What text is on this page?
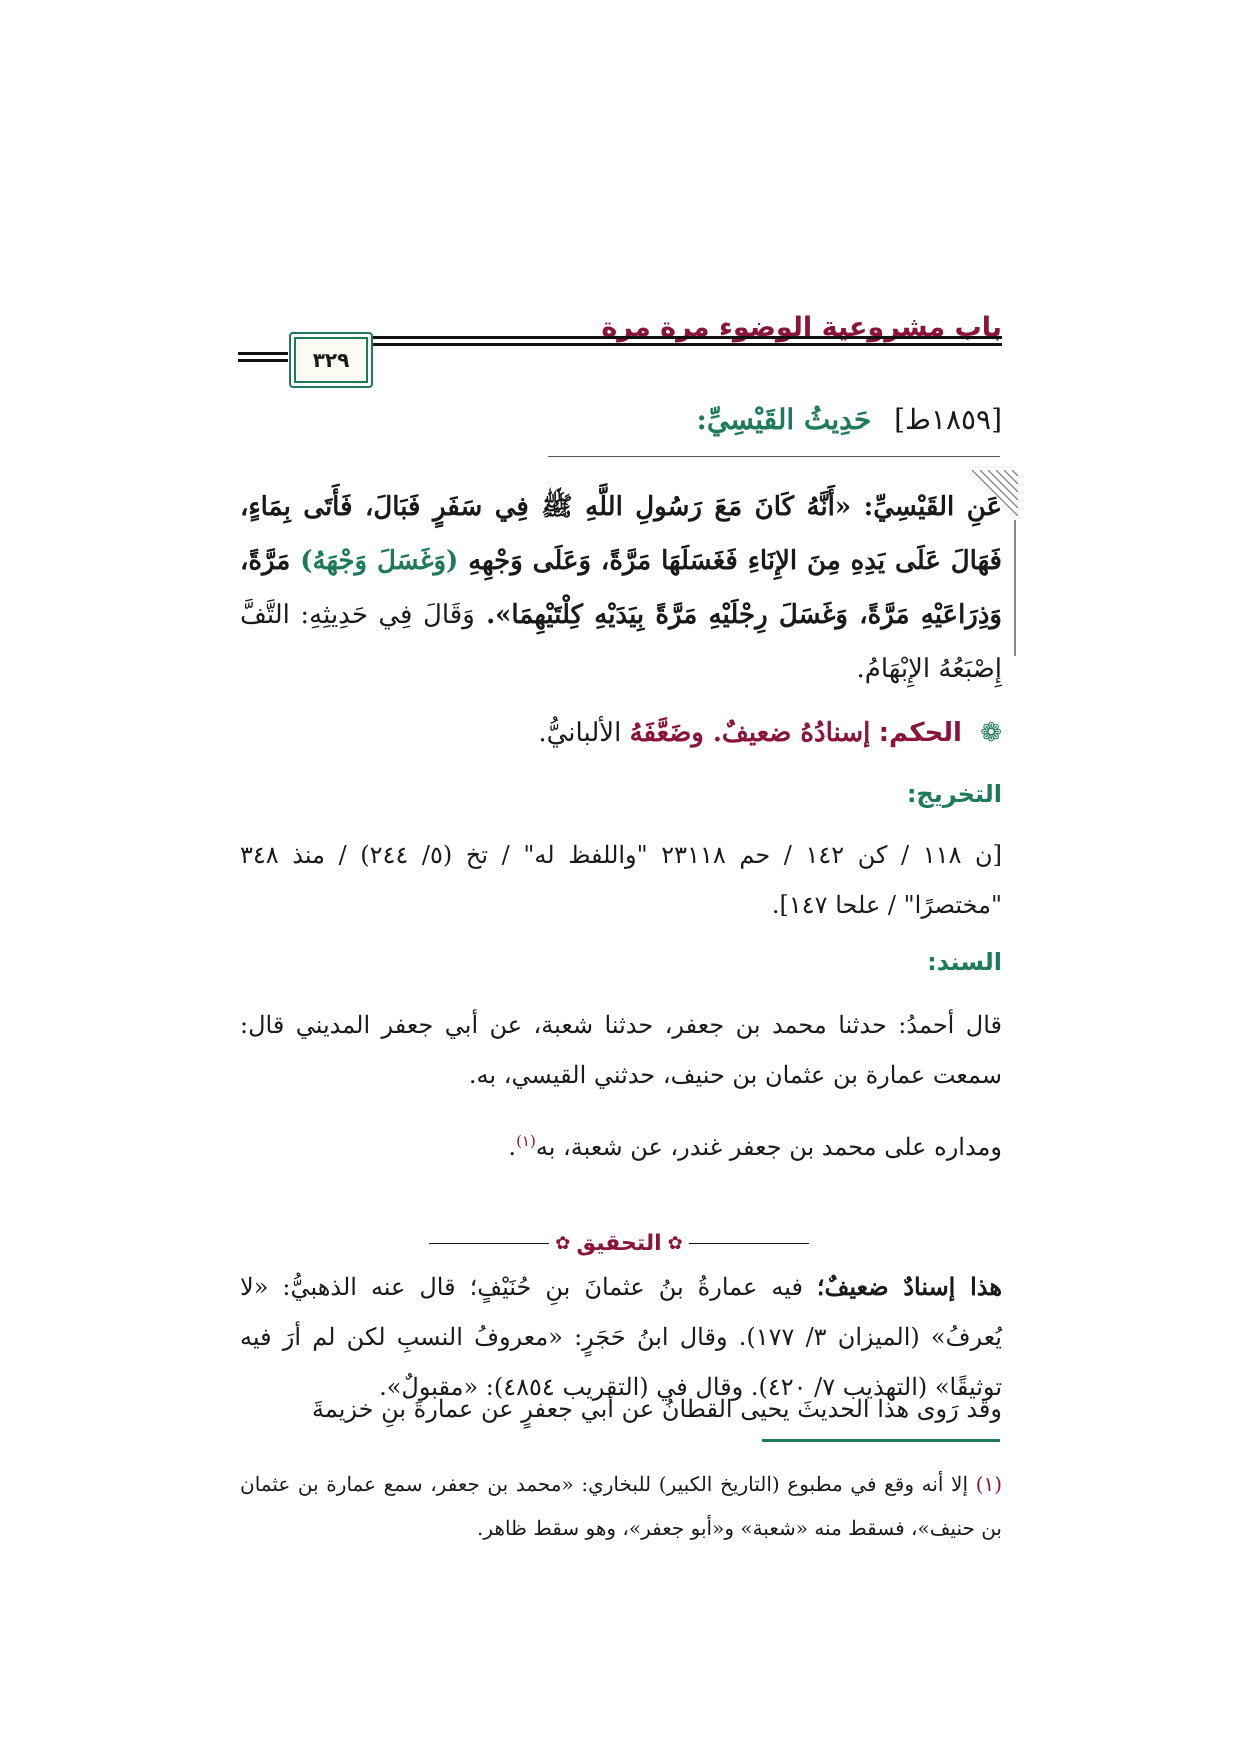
باب مشروعية الوضوء مرة مرة
٣٢٩
[١٨٥٩ط] حَدِيثُ القَيْسِيِّ:
عَنِ القَيْسِيِّ: «أَنَّهُ كَانَ مَعَ رَسُولِ اللَّهِ ﷺ فِي سَفَرٍ فَبَالَ، فَأَتَى بِمَاءٍ، فَهَالَ عَلَى يَدِهِ مِنَ الإِنَاءِ فَغَسَلَهَا مَرَّةً، وَعَلَى وَجْهِهِ (وَغَسَلَ وَجْهَهُ) مَرَّةً، وَذِرَاعَيْهِ مَرَّةً، وَغَسَلَ رِجْلَيْهِ مَرَّةً بِيَدَيْهِ كِلْتَيْهِمَا». وَقَالَ فِي حَدِيثِهِ: التَّفَّ إِصْبَعُهُ الإِبْهَامُ.
❁ الحكم: إسنادُهُ ضعيفٌ. وضَعَّفَهُ الألبانيُّ.
التخريج:
[ن ١١٨ / كن ١٤٢ / حم ٢٣١١٨ "واللفظ له" / تخ (٥/ ٢٤٤) / منذ ٣٤٨ "مختصرًا" / علحا ١٤٧].
السند:
قال أحمدُ: حدثنا محمد بن جعفر، حدثنا شعبة، عن أبي جعفر المديني قال: سمعت عمارة بن عثمان بن حنيف، حدثني القيسي، به.
ومداره على محمد بن جعفر غندر، عن شعبة، به$^{(١)}$.
✿
التحقيق
✿
هذا إسنادٌ ضعيفٌ؛ فيه عمارةُ بنُ عثمانَ بنِ حُنَيْفٍ؛ قال عنه الذهبيُّ: «لا يُعرفُ» (الميزان ٣/ ١٧٧). وقال ابنُ حَجَرٍ: «معروفُ النسبِ لكن لم أرَ فيه توثيقًا» (التهذيب ٧/ ٤٢٠). وقال في (التقريب ٤٨٥٤): «مقبولٌ».
وقد رَوى هذا الحديثَ يحيى القطانُ عن أبي جعفرٍ عن عمارةَ بنِ خزيمةَ
(١) إلا أنه وقع في مطبوع (التاريخ الكبير) للبخاري: «محمد بن جعفر، سمع عمارة بن عثمان بن حنيف»، فسقط منه «شعبة» و«أبو جعفر»، وهو سقط ظاهر.
